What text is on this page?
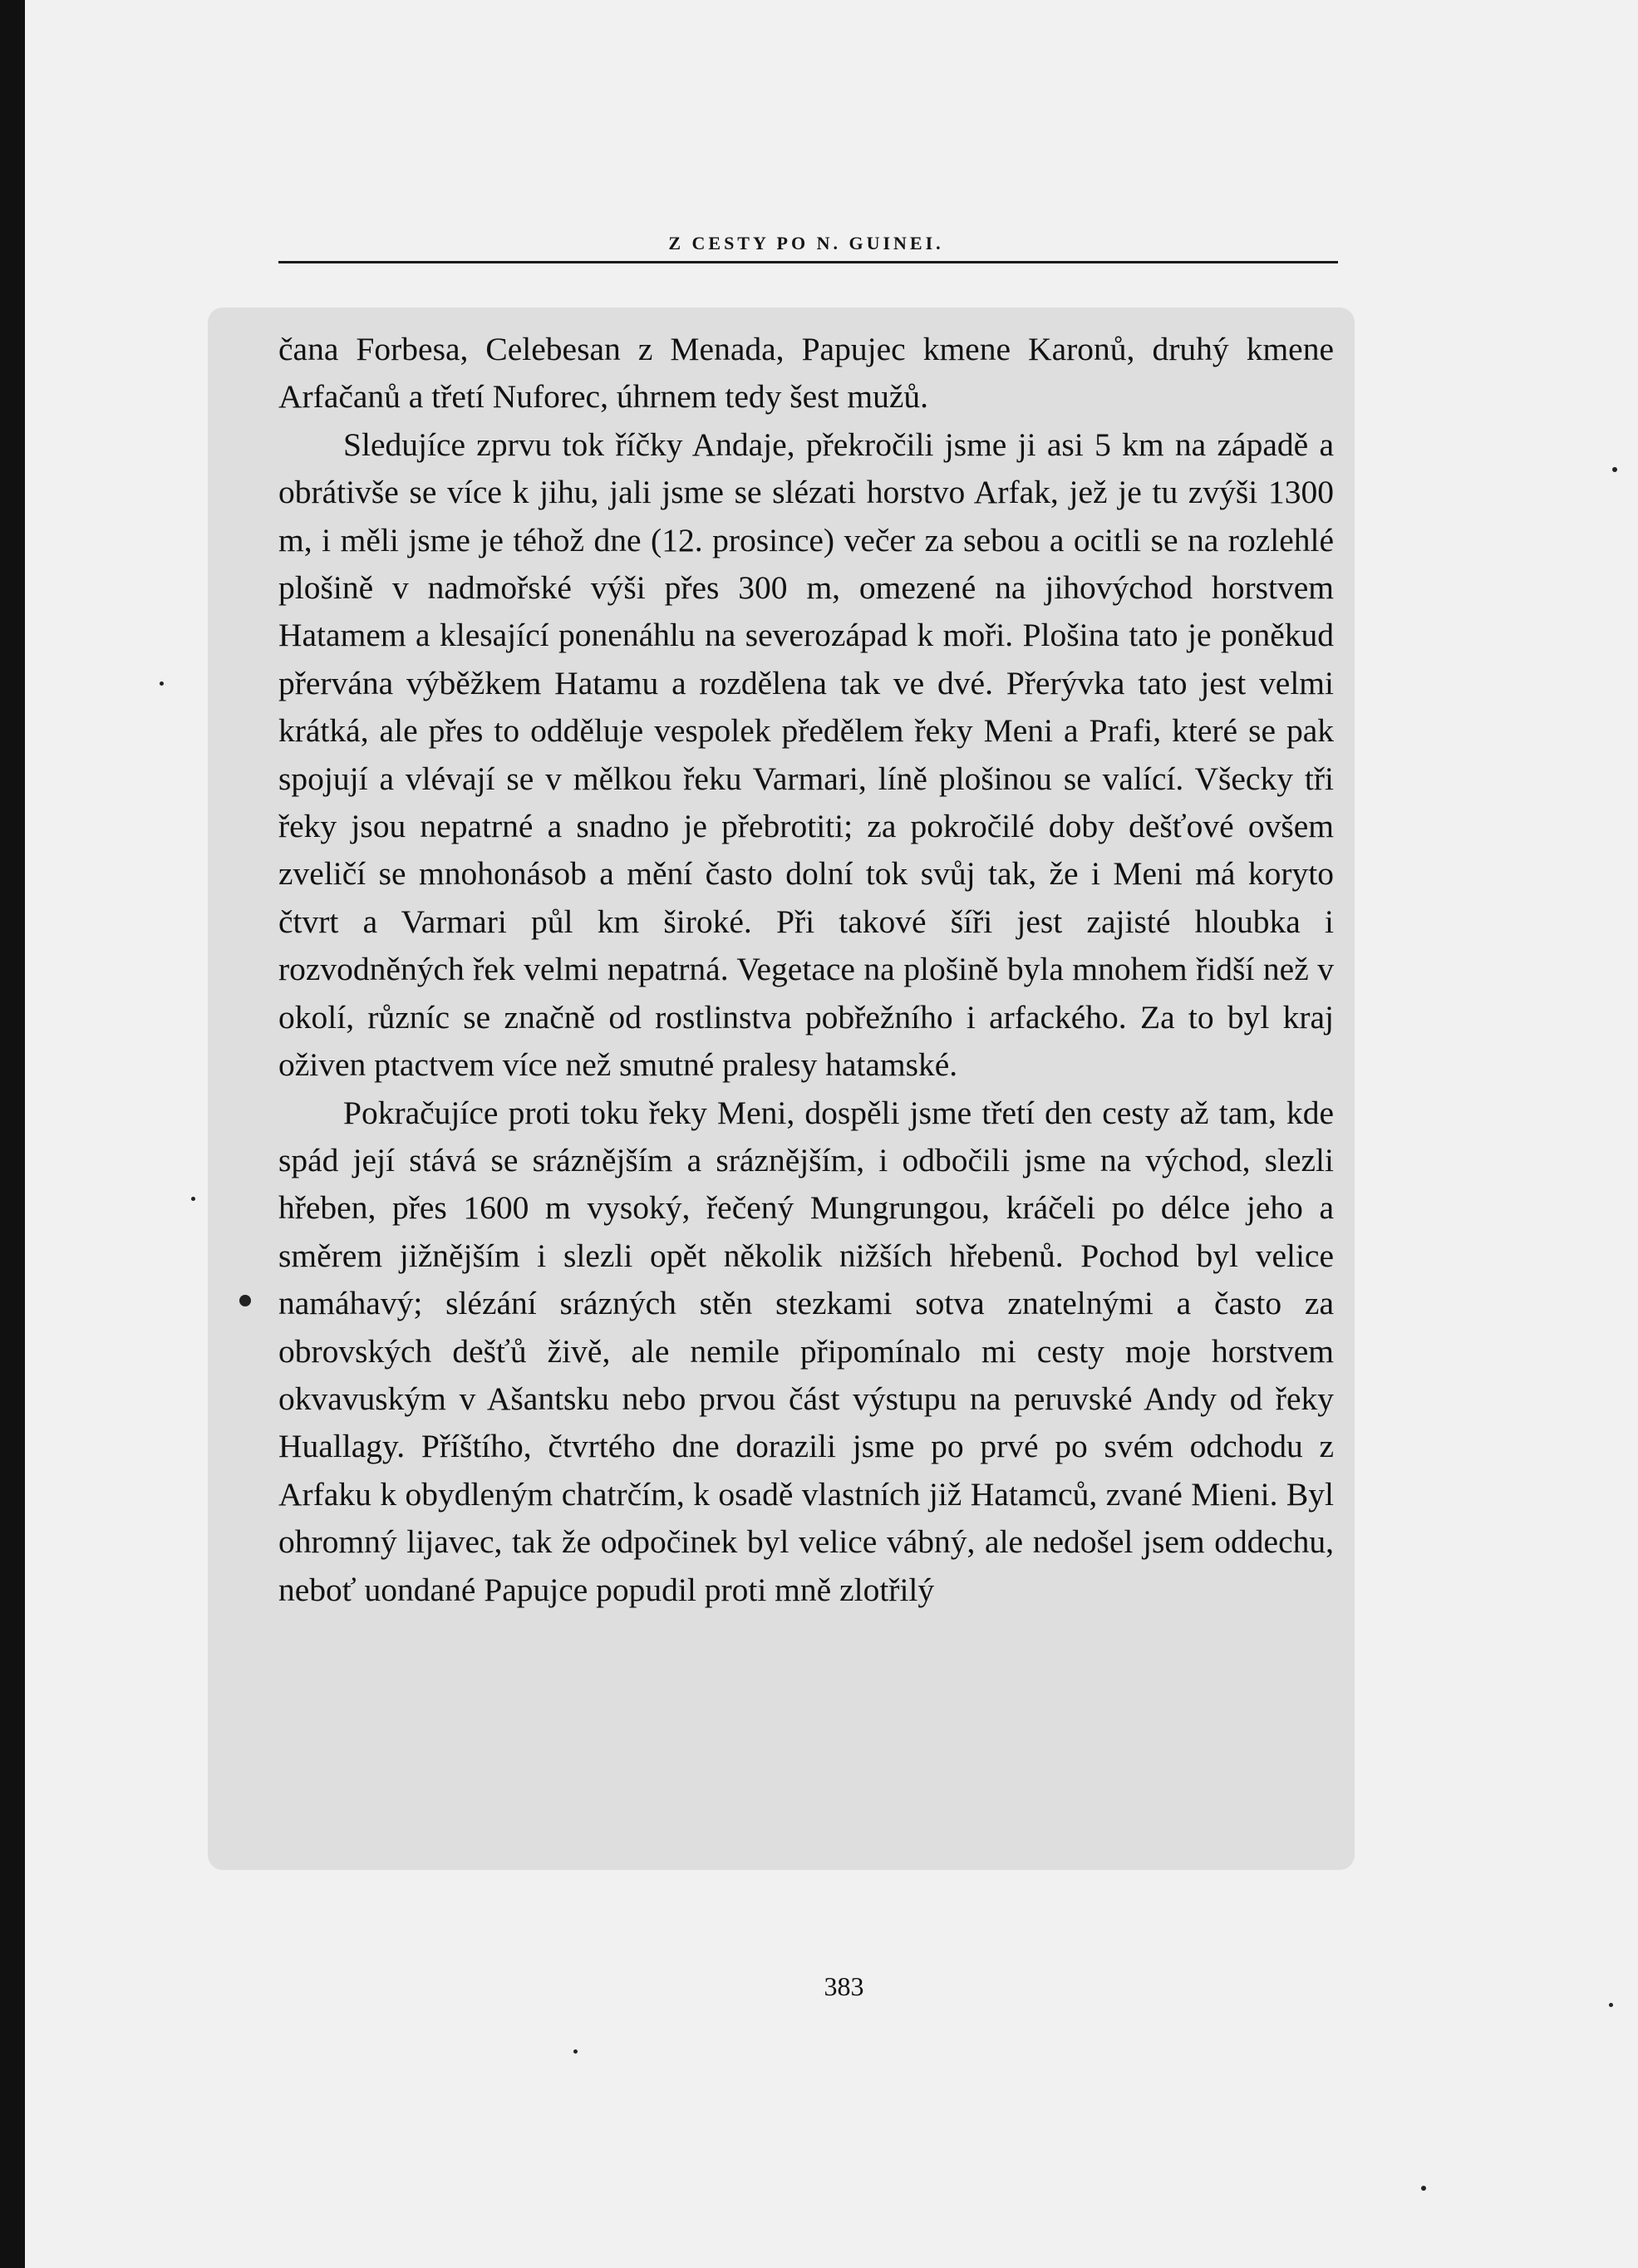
Z CESTY PO N. GUINEI.

čana Forbesa, Celebesan z Menada, Papujec kmene Karonů, druhý kmene Arfačanů a třetí Nuforec, úhrnem tedy šest mužů.

Sledujíce zprvu tok říčky Andaje, překročili jsme ji asi 5 km na západě a obrátivše se více k jihu, jali jsme se slézati horstvo Arfak, jež je tu zvýši 1300 m, i měli jsme je téhož dne (12. prosince) večer za sebou a ocitli se na rozlehlé plošině v nadmořské výši přes 300 m, omezené na jihovýchod horstvem Hatamem a klesající ponenáhlu na severozápad k moři. Plošina tato je poněkud přervána výběžkem Hatamu a rozdělena tak ve dvé. Přerývka tato jest velmi krátká, ale přes to odděluje vespolek předělem řeky Meni a Prafi, které se pak spojují a vlévají se v mělkou řeku Varmari, líně plošinou se valící. Všecky tři řeky jsou nepatrné a snadno je přebrotiti; za pokročilé doby dešťové ovšem zveličí se mnohonásob a mění často dolní tok svůj tak, že i Meni má koryto čtvrt a Varmari půl km široké. Při takové šíři jest zajisté hloubka i rozvodněných řek velmi nepatrná. Vegetace na plošině byla mnohem řidší než v okolí, různíc se značně od rostlinstva pobřežního i arfackého. Za to byl kraj oživen ptactvem více než smutné pralesy hatamské.

Pokračujíce proti toku řeky Meni, dospěli jsme třetí den cesty až tam, kde spád její stává se sráznějším a sráznějším, i odbočili jsme na východ, slezli hřeben, přes 1600 m vysoký, řečený Mungrungou, kráčeli po délce jeho a směrem jižnějším i slezli opět několik nižších hřebenů. Pochod byl velice namáhavý; slézání srázných stěn stezkami sotva znatelnými a často za obrovských dešťů živě, ale nemile připomínalo mi cesty moje horstvem okvavuským v Ašantsku nebo prvou část výstupu na peruvské Andy od řeky Huallagy. Příštího, čtvrtého dne dorazili jsme po prvé po svém odchodu z Arfaku k obydleným chatrčím, k osadě vlastních již Hatamců, zvané Mieni. Byl ohromný lijavec, tak že odpočinek byl velice vábný, ale nedošel jsem oddechu, neboť uondané Papujce popudil proti mně zlotřilý

383
